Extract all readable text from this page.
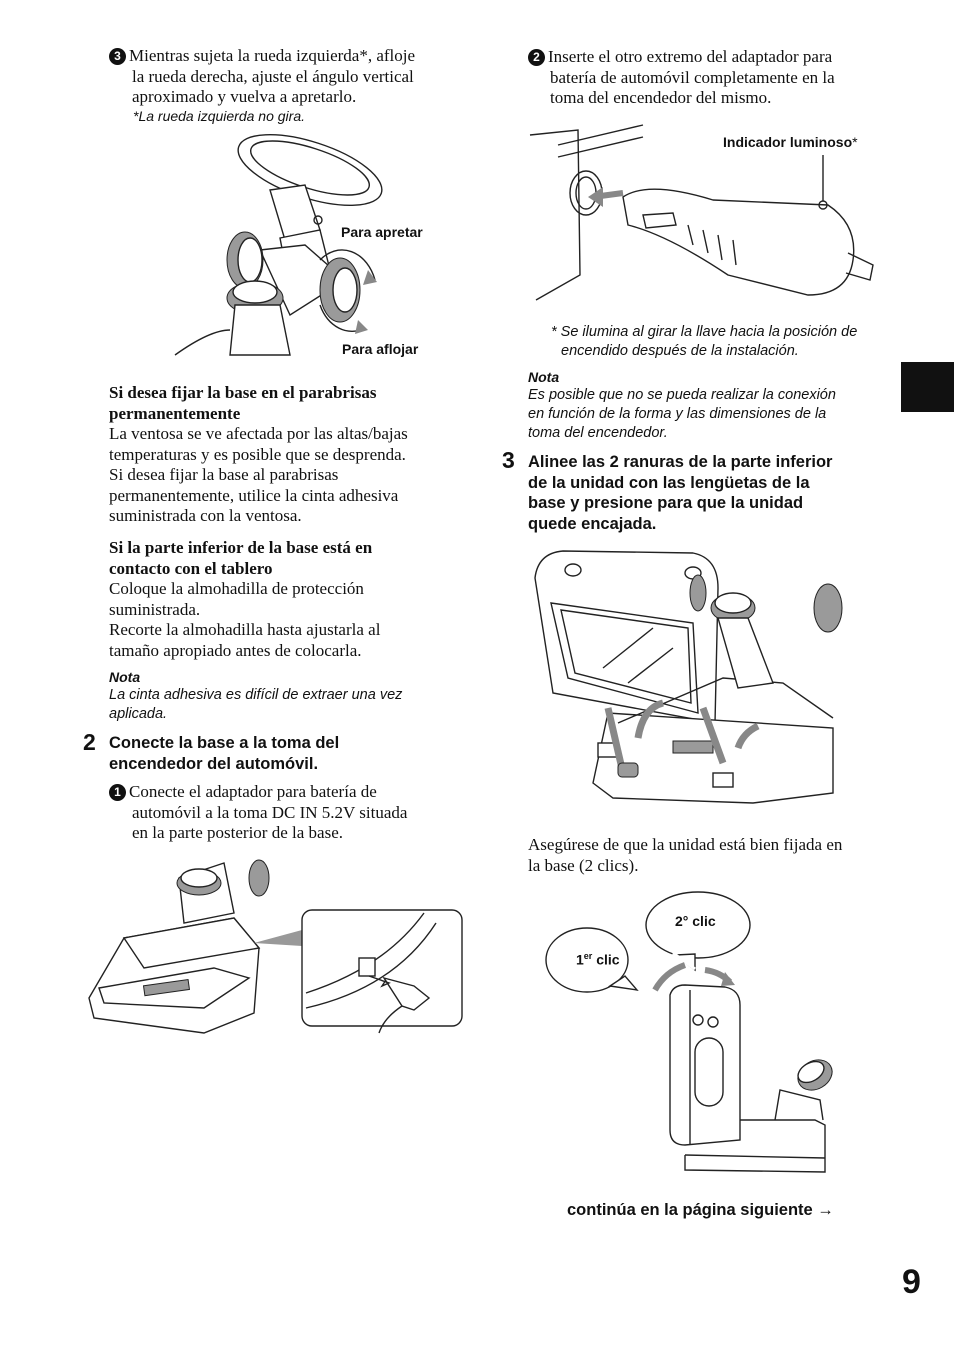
3 Mientras sujeta la rueda izquierda*, afloje
la rueda derecha, ajuste el ángulo vertical
aproximado y vuelva a apretarlo.
*La rueda izquierda no gira.
Para apretar
Para aflojar
Si desea fijar la base en el parabrisas
permanentemente
La ventosa se ve afectada por las altas/bajas
temperaturas y es posible que se desprenda.
Si desea fijar la base al parabrisas
permanentemente, utilice la cinta adhesiva
suministrada con la ventosa.
Si la parte inferior de la base está en
contacto con el tablero
Coloque la almohadilla de protección
suministrada.
Recorte la almohadilla hasta ajustarla al
tamaño apropiado antes de colocarla.
Nota
La cinta adhesiva es difícil de extraer una vez
aplicada.
2 Conecte la base a la toma del
encendedor del automóvil.
1 Conecte el adaptador para batería de
automóvil a la toma DC IN 5.2V situada
en la parte posterior de la base.
2 Inserte el otro extremo del adaptador para
batería de automóvil completamente en la
toma del encendedor del mismo.
Indicador luminoso*
* Se ilumina al girar la llave hacia la posición de
encendido después de la instalación.
Nota
Es posible que no se pueda realizar la conexión
en función de la forma y las dimensiones de la
toma del encendedor.
3 Alinee las 2 ranuras de la parte inferior
de la unidad con las lengüetas de la
base y presione para que la unidad
quede encajada.
Asegúrese de que la unidad está bien fijada en
la base (2 clics).
2° clic
1er clic
continúa en la página siguiente →
9
